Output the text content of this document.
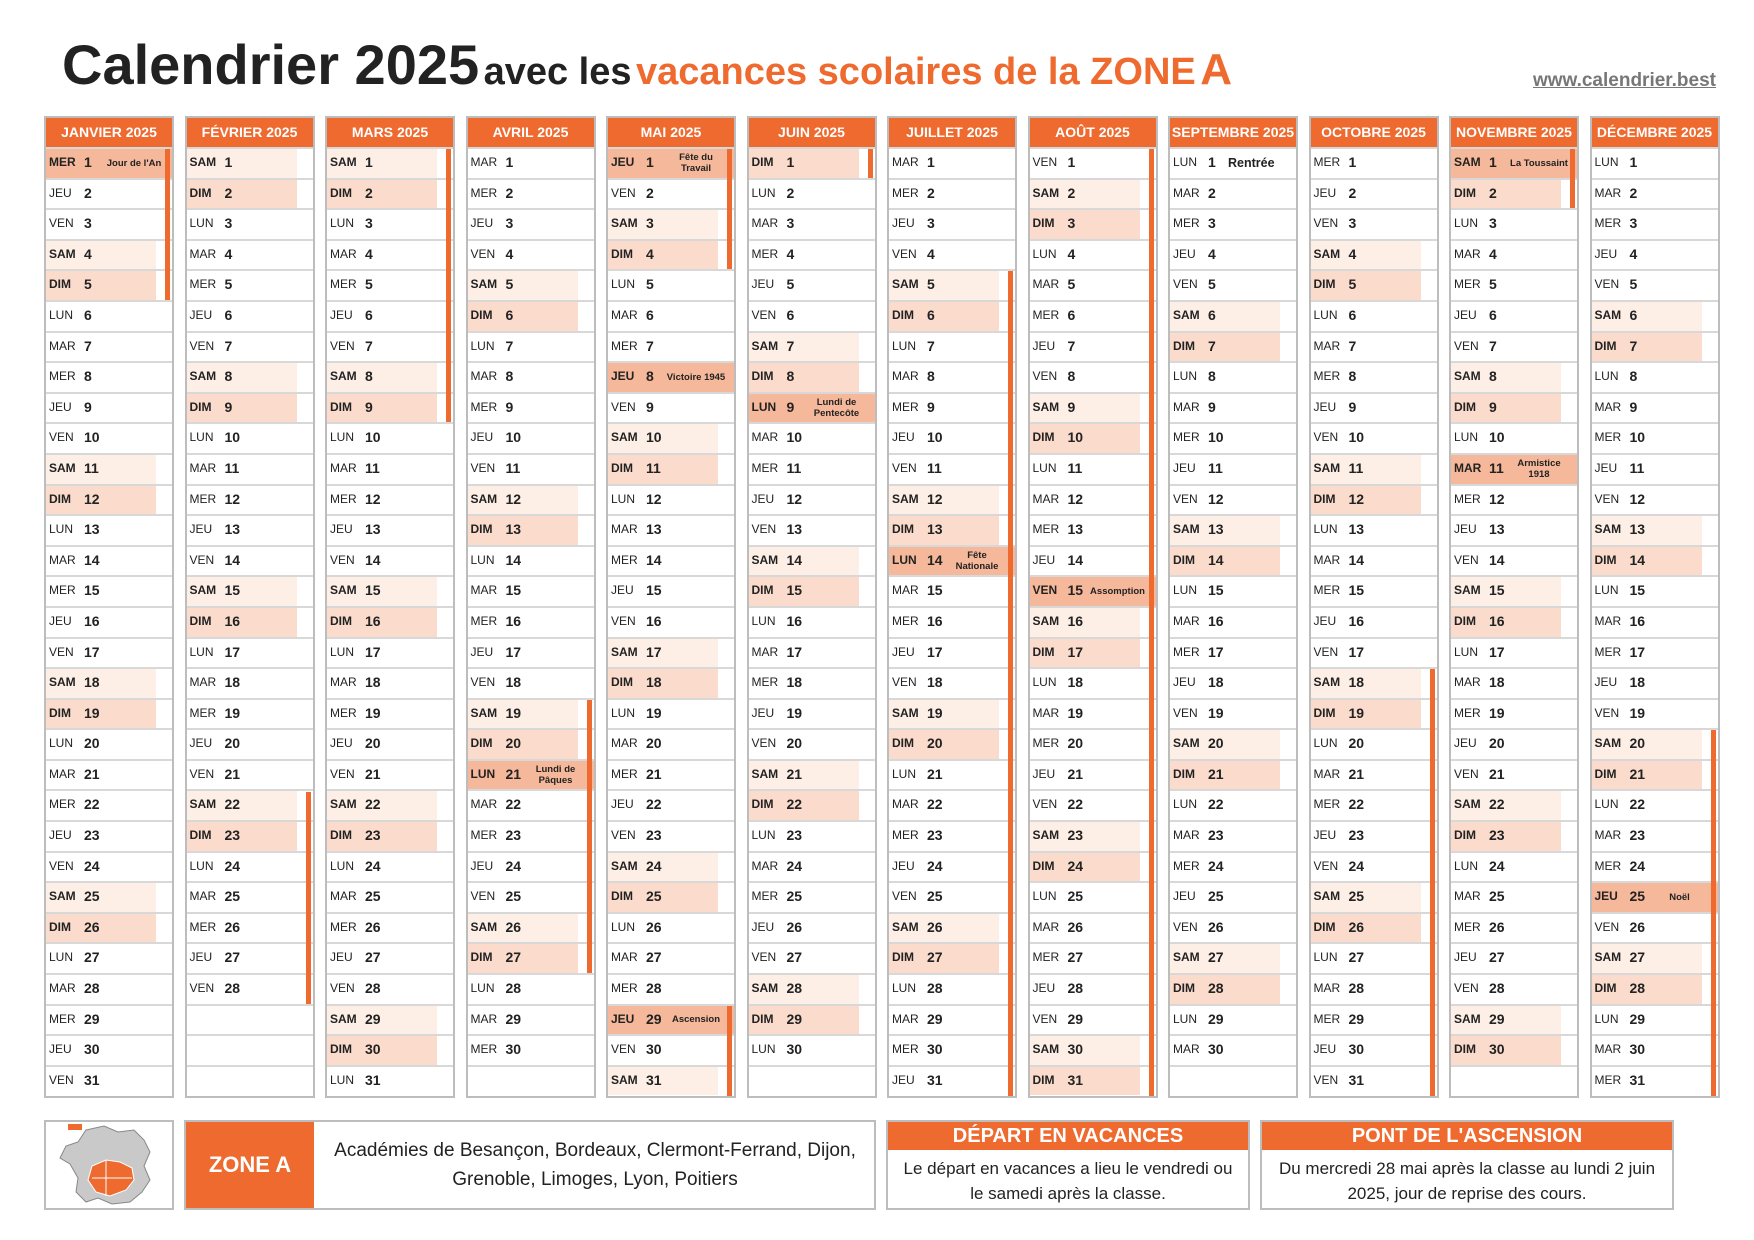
Calendrier 2025 avec les vacances scolaires de la ZONE A	www.calendrier.best
JANVIER 2025
MER 1 Jour de l'An
JEU 2
VEN 3
SAM 4
DIM 5
LUN 6
MAR 7
MER 8
JEU 9
VEN 10
SAM 11
DIM 12
LUN 13
MAR 14
MER 15
JEU 16
VEN 17
SAM 18
DIM 19
LUN 20
MAR 21
MER 22
JEU 23
VEN 24
SAM 25
DIM 26
LUN 27
MAR 28
MER 29
JEU 30
VEN 31
FÉVRIER 2025
SAM 1
DIM 2
LUN 3
MAR 4
MER 5
JEU 6
VEN 7
SAM 8
DIM 9
LUN 10
MAR 11
MER 12
JEU 13
VEN 14
SAM 15
DIM 16
LUN 17
MAR 18
MER 19
JEU 20
VEN 21
SAM 22
DIM 23
LUN 24
MAR 25
MER 26
JEU 27
VEN 28
MARS 2025
SAM 1
DIM 2
LUN 3
MAR 4
MER 5
JEU 6
VEN 7
SAM 8
DIM 9
LUN 10
MAR 11
MER 12
JEU 13
VEN 14
SAM 15
DIM 16
LUN 17
MAR 18
MER 19
JEU 20
VEN 21
SAM 22
DIM 23
LUN 24
MAR 25
MER 26
JEU 27
VEN 28
SAM 29
DIM 30
LUN 31
AVRIL 2025
MAR 1
MER 2
JEU 3
VEN 4
SAM 5
DIM 6
LUN 7
MAR 8
MER 9
JEU 10
VEN 11
SAM 12
DIM 13
LUN 14
MAR 15
MER 16
JEU 17
VEN 18
SAM 19
DIM 20
LUN 21	Lundi de Pâques
MAR 22
MER 23
JEU 24
VEN 25
SAM 26
DIM 27
LUN 28
MAR 29
MER 30
MAI 2025
JEU 1	Fête du Travail
VEN 2
SAM 3
DIM 4
LUN 5
MAR 6
MER 7
JEU 8 Victoire 1945
VEN 9
SAM 10
DIM 11
LUN 12
MAR 13
MER 14
JEU 15
VEN 16
SAM 17
DIM 18
LUN 19
MAR 20
MER 21
JEU 22
VEN 23
SAM 24
DIM 25
LUN 26
MAR 27
MER 28
JEU 29	Ascension
VEN 30
SAM 31
JUIN 2025
DIM 1
LUN 2
MAR 3
MER 4
JEU 5
VEN 6
SAM 7
DIM 8
LUN 9	Lundi de Pentecôte
MAR 10
MER 11
JEU 12
VEN 13
SAM 14
DIM 15
LUN 16
MAR 17
MER 18
JEU 19
VEN 20
SAM 21
DIM 22
LUN 23
MAR 24
MER 25
JEU 26
VEN 27
SAM 28
DIM 29
LUN 30
JUILLET 2025
MAR 1
MER 2
JEU 3
VEN 4
SAM 5
DIM 6
LUN 7
MAR 8
MER 9
JEU 10
VEN 11
SAM 12
DIM 13
LUN 14	Fête Nationale
MAR 15
MER 16
JEU 17
VEN 18
SAM 19
DIM 20
LUN 21
MAR 22
MER 23
JEU 24
VEN 25
SAM 26
DIM 27
LUN 28
MAR 29
MER 30
JEU 31
AOÛT 2025
VEN 1
SAM 2
DIM 3
LUN 4
MAR 5
MER 6
JEU 7
VEN 8
SAM 9
DIM 10
LUN 11
MAR 12
MER 13
JEU 14
VEN 15 Assomption
SAM 16
DIM 17
LUN 18
MAR 19
MER 20
JEU 21
VEN 22
SAM 23
DIM 24
LUN 25
MAR 26
MER 27
JEU 28
VEN 29
SAM 30
DIM 31
SEPTEMBRE 2025
LUN 1 Rentrée
MAR 2
MER 3
JEU 4
VEN 5
SAM 6
DIM 7
LUN 8
MAR 9
MER 10
JEU 11
VEN 12
SAM 13
DIM 14
LUN 15
MAR 16
MER 17
JEU 18
VEN 19
SAM 20
DIM 21
LUN 22
MAR 23
MER 24
JEU 25
VEN 26
SAM 27
DIM 28
LUN 29
MAR 30
OCTOBRE 2025
MER 1
JEU 2
VEN 3
SAM 4
DIM 5
LUN 6
MAR 7
MER 8
JEU 9
VEN 10
SAM 11
DIM 12
LUN 13
MAR 14
MER 15
JEU 16
VEN 17
SAM 18
DIM 19
LUN 20
MAR 21
MER 22
JEU 23
VEN 24
SAM 25
DIM 26
LUN 27
MAR 28
MER 29
JEU 30
VEN 31
NOVEMBRE 2025
SAM 1 La Toussaint
DIM 2
LUN 3
MAR 4
MER 5
JEU 6
VEN 7
SAM 8
DIM 9
LUN 10
MAR 11	Armistice 1918
MER 12
JEU 13
VEN 14
SAM 15
DIM 16
LUN 17
MAR 18
MER 19
JEU 20
VEN 21
SAM 22
DIM 23
LUN 24
MAR 25
MER 26
JEU 27
VEN 28
SAM 29
DIM 30
DÉCEMBRE 2025
LUN 1
MAR 2
MER 3
JEU 4
VEN 5
SAM 6
DIM 7
LUN 8
MAR 9
MER 10
JEU 11
VEN 12
SAM 13
DIM 14
LUN 15
MAR 16
MER 17
JEU 18
VEN 19
SAM 20
DIM 21
LUN 22
MAR 23
MER 24
JEU 25	Noël
VEN 26
SAM 27
DIM 28
LUN 29
MAR 30
MER 31
ZONE A
Académies de Besançon, Bordeaux, Clermont-Ferrand, Dijon, Grenoble, Limoges, Lyon, Poitiers
DÉPART EN VACANCES
Le départ en vacances a lieu le vendredi ou le samedi après la classe.
PONT DE L'ASCENSION
Du mercredi 28 mai après la classe au lundi 2 juin 2025, jour de reprise des cours.
